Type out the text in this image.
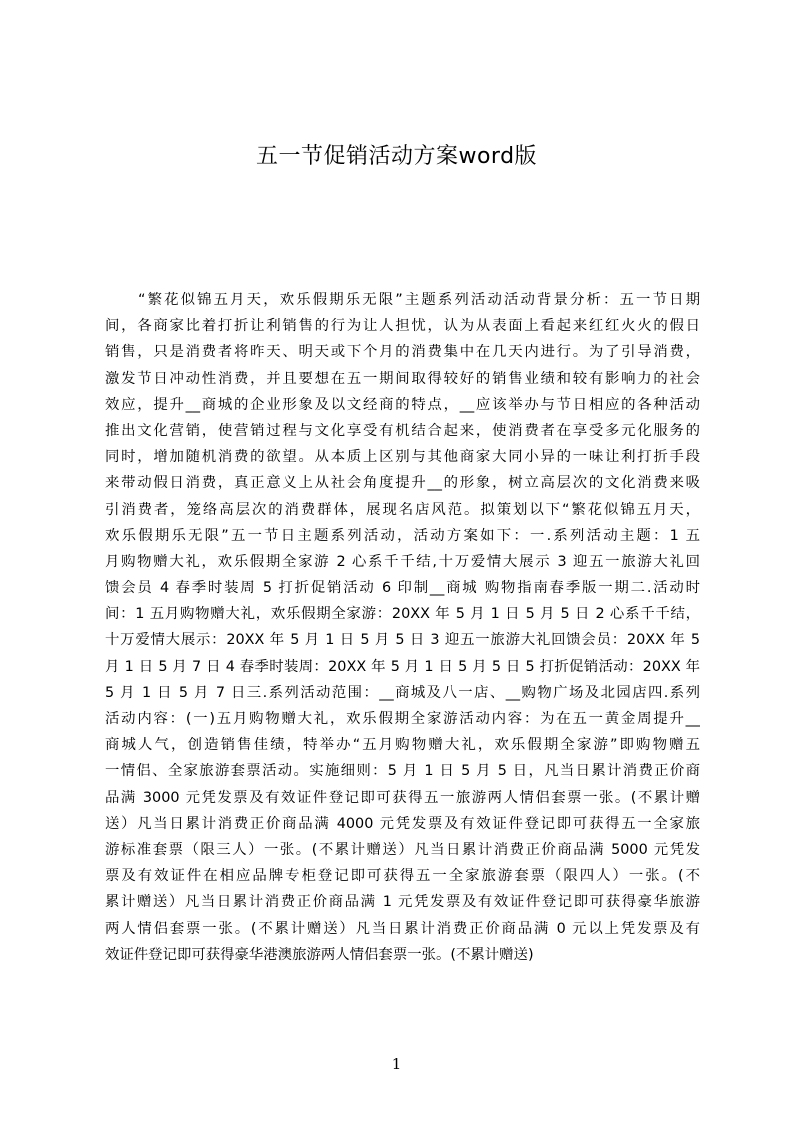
五一节促销活动方案word版
　　“繁花似锦五月天，欢乐假期乐无限”主题系列活动活动背景分析：五一节日期
间，各商家比着打折让利销售的行为让人担忧，认为从表面上看起来红红火火的假日
销售，只是消费者将昨天、明天或下个月的消费集中在几天内进行。为了引导消费，
激发节日冲动性消费，并且要想在五一期间取得较好的销售业绩和较有影响力的社会
效应，提升__商城的企业形象及以文经商的特点，__应该举办与节日相应的各种活动
推出文化营销，使营销过程与文化享受有机结合起来，使消费者在享受多元化服务的
同时，增加随机消费的欲望。从本质上区别与其他商家大同小异的一味让利打折手段
来带动假日消费，真正意义上从社会角度提升__的形象，树立高层次的文化消费来吸
引消费者，笼络高层次的消费群体，展现名店风范。拟策划以下“繁花似锦五月天，
欢乐假期乐无限”五一节日主题系列活动，活动方案如下：一.系列活动主题：1 五
月购物赠大礼，欢乐假期全家游 2 心系千千结,十万爱情大展示 3 迎五一旅游大礼回
馈会员 4 春季时装周 5 打折促销活动 6 印制__商城 购物指南春季版一期二.活动时
间：1 五月购物赠大礼，欢乐假期全家游：20XX 年 5 月 1 日 5 月 5 日 2 心系千千结，
十万爱情大展示：20XX 年 5 月 1 日 5 月 5 日 3 迎五一旅游大礼回馈会员：20XX 年 5
月 1 日 5 月 7 日 4 春季时装周：20XX 年 5 月 1 日 5 月 5 日 5 打折促销活动：20XX 年
5 月 1 日 5 月 7 日三.系列活动范围：__商城及八一店、__购物广场及北园店四.系列
活动内容：(一)五月购物赠大礼，欢乐假期全家游活动内容：为在五一黄金周提升__
商城人气，创造销售佳绩，特举办“五月购物赠大礼，欢乐假期全家游”即购物赠五
一情侣、全家旅游套票活动。实施细则：5 月 1 日 5 月 5 日，凡当日累计消费正价商
品满 3000 元凭发票及有效证件登记即可获得五一旅游两人情侣套票一张。(不累计赠
送）凡当日累计消费正价商品满 4000 元凭发票及有效证件登记即可获得五一全家旅
游标准套票（限三人）一张。(不累计赠送）凡当日累计消费正价商品满 5000 元凭发
票及有效证件在相应品牌专柜登记即可获得五一全家旅游套票（限四人）一张。(不
累计赠送）凡当日累计消费正价商品满 1 元凭发票及有效证件登记即可获得豪华旅游
两人情侣套票一张。(不累计赠送）凡当日累计消费正价商品满 0 元以上凭发票及有
效证件登记即可获得豪华港澳旅游两人情侣套票一张。(不累计赠送)
1
